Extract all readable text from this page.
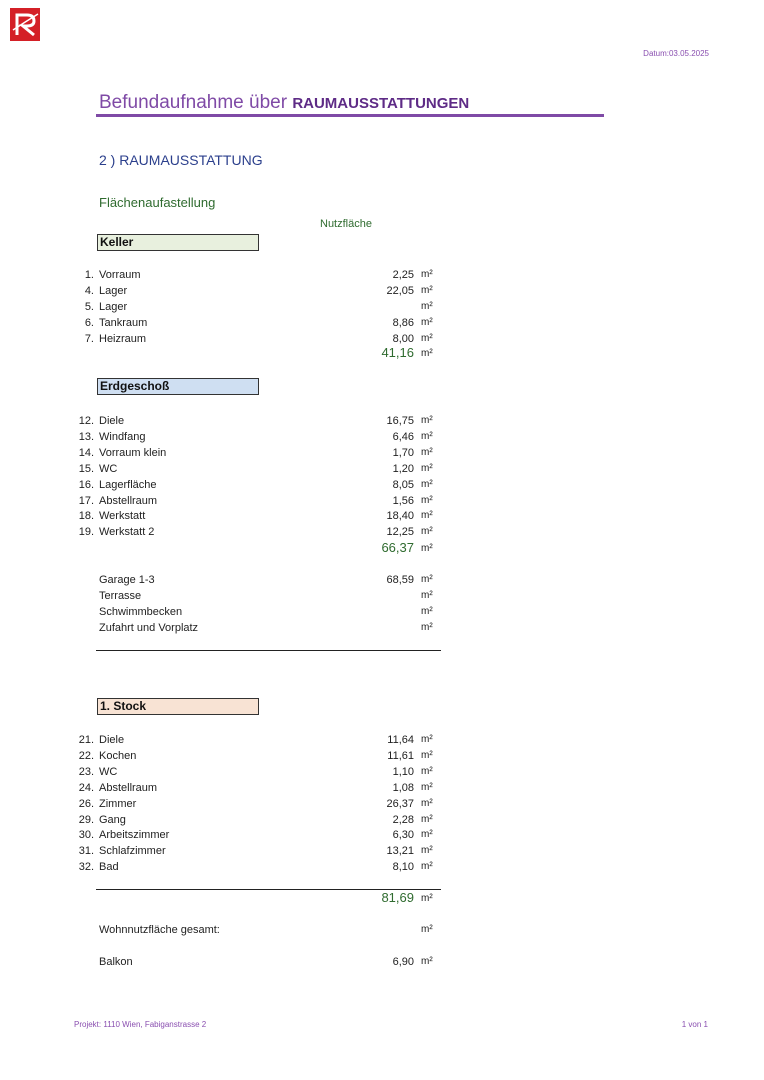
Datum:03.05.2025
Befundaufnahme über RAUMAUSSTATTUNGEN
2 ) RAUMAUSSTATTUNG
Flächenaufastellung
Nutzfläche
Keller
1. Vorraum	2,25 m²
4. Lager	22,05 m²
5. Lager	m²
6. Tankraum	8,86 m²
7. Heizraum	8,00 m²
41,16 m²
Erdgeschoß
12. Diele	16,75 m²
13. Windfang	6,46 m²
14. Vorraum klein	1,70 m²
15. WC	1,20 m²
16. Lagerfläche	8,05 m²
17. Abstellraum	1,56 m²
18. Werkstatt	18,40 m²
19. Werkstatt 2	12,25 m²
66,37 m²
Garage 1-3	68,59 m²
Terrasse	m²
Schwimmbecken	m²
Zufahrt und Vorplatz	m²
1. Stock
21. Diele	11,64 m²
22. Kochen	11,61 m²
23. WC	1,10 m²
24. Abstellraum	1,08 m²
26. Zimmer	26,37 m²
29. Gang	2,28 m²
30. Arbeitszimmer	6,30 m²
31. Schlafzimmer	13,21 m²
32. Bad	8,10 m²
81,69 m²
Wohnnutzfläche gesamt:	m²
Balkon	6,90 m²
Projekt: 1110 Wien, Fabiganstrasse 2	1 von 1
